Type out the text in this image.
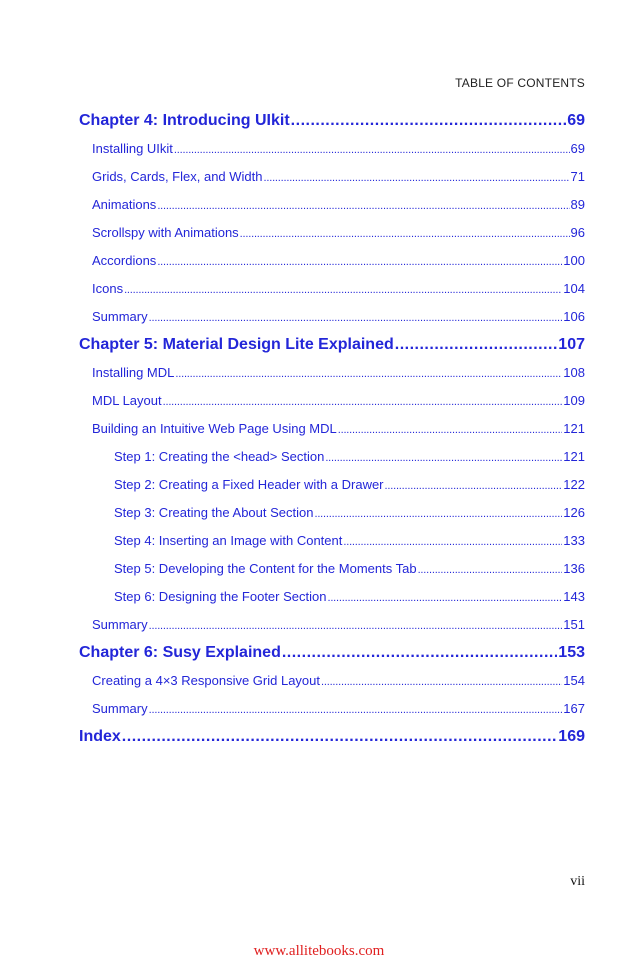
TABLE OF CONTENTS
Chapter 4: Introducing UIkit .....	69
Installing UIkit .....	69
Grids, Cards, Flex, and Width .....	71
Animations .....	89
Scrollspy with Animations .....	96
Accordions .....	100
Icons .....	104
Summary .....	106
Chapter 5: Material Design Lite Explained .....	107
Installing MDL .....	108
MDL Layout .....	109
Building an Intuitive Web Page Using MDL .....	121
Step 1: Creating the <head> Section .....	121
Step 2: Creating a Fixed Header with a Drawer .....	122
Step 3: Creating the About Section .....	126
Step 4: Inserting an Image with Content .....	133
Step 5: Developing the Content for the Moments Tab .....	136
Step 6: Designing the Footer Section .....	143
Summary .....	151
Chapter 6: Susy Explained .....	153
Creating a 4×3 Responsive Grid Layout .....	154
Summary .....	167
Index .....	169
vii
www.allitebooks.com
